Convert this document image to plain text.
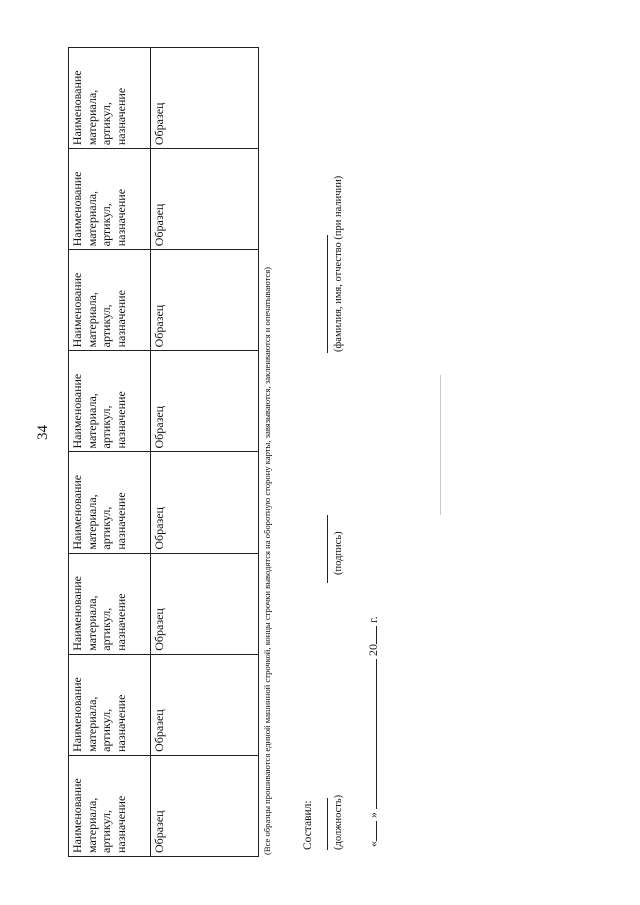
34
Наименование
материала,
артикул,
назначение	Наименование
материала,
артикул,
назначение	Наименование
материала,
артикул,
назначение	Наименование
материала,
артикул,
назначение	Наименование
материала,
артикул,
назначение	Наименование
материала,
артикул,
назначение	Наименование
материала,
артикул,
назначение	Наименование
материала,
артикул,
назначение
Образец	Образец	Образец	Образец	Образец	Образец	Образец	Образец
(Все образцы прошиваются единой машинной строчкой, концы строчки выводятся на оборотную сторону карты, завязываются, заклеиваются и опечатываются)	Составил: (должность)
(подпись)
(фамилия, имя, отчество (при наличии)
« »  20 г.
